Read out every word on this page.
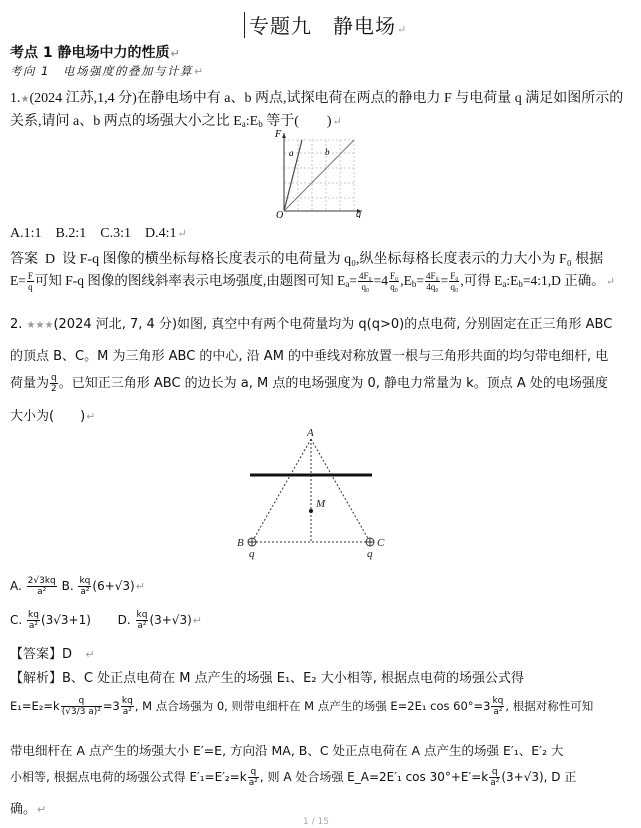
专题九　静电场↵
考点 1 静电场中力的性质↵
考向 1　电场强度的叠加与计算↵
1.★(2024 江苏,1,4 分)在静电场中有 a、b 两点,试探电荷在两点的静电力 F 与电荷量 q 满足如图所示的
关系,请问 a、b 两点的场强大小之比 $E_a:E_b$ 等于(　　)↵
F
q
O
a	b
A.1:1 B.2:1 C.3:1 D.4:1↵
答案 D 设 F-q 图像的横坐标每格长度表示的电荷量为 q₀,纵坐标每格长度表示的力大小为 F₀ 根据
$E= \frac{F}{q}$ 可知 F-q 图像的图线斜率表示电场强度,由题图可知 $E_a= \frac{\text{4F₀}}{\text{q₀}} =4 \frac{\text{F₀}}{\text{q₀}} ,E_b= \frac{\text{4F₀}}{\text{4q₀}} = \frac{\text{F₀}}{\text{q₀}}$ ,可得 $E_a:E_b=4:1,D$ 正确。↵
2. ★★★(2024 河北, 7, 4 分)如图, 真空中有两个电荷量均为 q(q>0)的点电荷, 分别固定在正三角形 ABC
的顶点 B、C。M 为三角形 ABC 的中心, 沿 AM 的中垂线对称放置一根与三角形共面的均匀带电细杆, 电
荷量为 $\frac{q}{2}$ 。已知正三角形 ABC 的边长为 a, M 点的电场强度为 0, 静电力常量为 k。顶点 A 处的电场强度
大小为(　　)↵
A
M
B	C
q	q
A. $\frac{2√3kq}{\text{a²}} B$. $\frac{kq}{\text{a²}}$ (6+√3)↵
C. $\frac{kq}{\text{a²}} (3√3+1)$ D. $\frac{kq}{\text{a²}}$ (3+√3)↵
【答案】D ↵
【解析】B、C 处正点电荷在 M 点产生的场强 E₁、E₂ 大小相等, 根据点电荷的场强公式得
$E_1=E_2=k \frac{q}{\text{(√3/3 a)²}} =3 \frac{kq}{\text{a²}}$ , M 点合场强为 0, 则带电细杆在 M 点产生的场强 E=2E₁ $\cos 60^\circ=3 \frac{kq}{\text{a²}}$ , 根据对称性可知
带电细杆在 A 点产生的场强大小 E′=E, 方向沿 MA, B、C 处正点电荷在 A 点产生的场强 E′₁、E′₂ 大
小相等, 根据点电荷的场强公式得 $E'_1=E'_2=k \frac{q}{\text{a²}}$ , 则 A 处合场强 E_A=2E′₁ $\cos 30^\circ+E'=k \frac{q}{\text{a²}} (3+√3)$, D 正
确。↵
1 / 15
